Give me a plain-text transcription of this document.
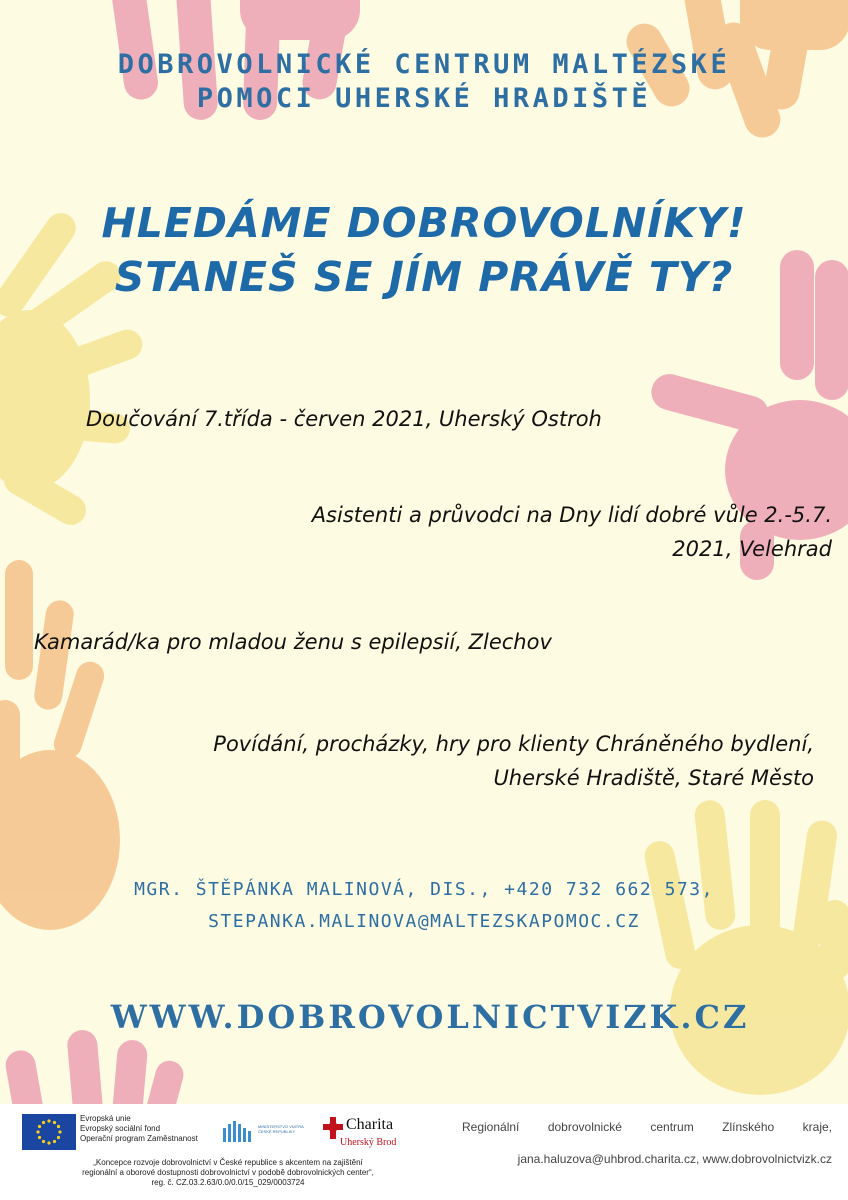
DOBROVOLNICKÉ CENTRUM MALTÉZSKÉ
POMOCI UHERSKÉ HRADIŠTĚ
HLEDÁME DOBROVOLNÍKY!
STANEŠ SE JÍM PRÁVĚ TY?
Doučování 7.třída - červen 2021, Uherský Ostroh
Asistenti a průvodci na Dny lidí dobré vůle 2.-5.7.
2021, Velehrad
Kamarád/ka pro mladou ženu s epilepsií, Zlechov
Povídání, procházky, hry pro klienty Chráněného bydlení,
Uherské Hradiště, Staré Město
MGR. ŠTĚPÁNKA MALINOVÁ, DIS., +420 732 662 573,
STEPANKA.MALINOVA@MALTEZSKAPOMOC.CZ
WWW.DOBROVOLNICTVIZK.CZ
Evropská unie
Evropský sociální fond
Operační program Zaměstnanost
MINISTERSTVO VNITRA
ČESKÉ REPUBLIKY	Charita
Uherský Brod
„Koncepce rozvoje dobrovolnictví v České republice s akcentem na zajištění
regionální a oborové dostupnosti dobrovolnictví v podobě dobrovolnických center“,
reg. č. CZ.03.2.63/0.0/0.0/15_029/0003724
Regionální dobrovolnické centrum Zlínského kraje,
jana.haluzova@uhbrod.charita.cz, www.dobrovolnictvizk.cz
